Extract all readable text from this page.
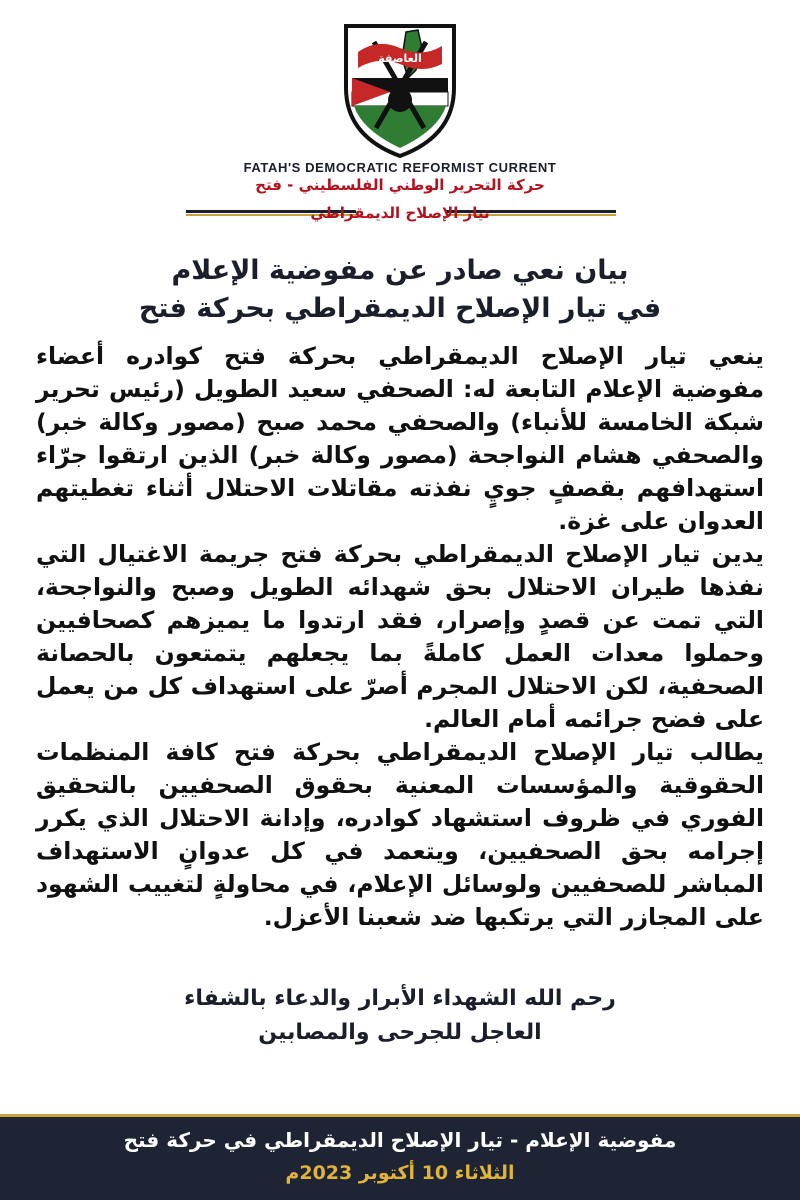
العاصفة
FATAH'S DEMOCRATIC REFORMIST CURRENT
حركة التحرير الوطني الفلسطيني - فتح
تيار الإصلاح الديمقراطي
بيان نعي صادر عن مفوضية الإعلام
في تيار الإصلاح الديمقراطي بحركة فتح

ينعي تيار الإصلاح الديمقراطي بحركة فتح كوادره أعضاء مفوضية الإعلام التابعة له: الصحفي سعيد الطويل (رئيس تحرير شبكة الخامسة للأنباء) والصحفي محمد صبح (مصور وكالة خبر) والصحفي هشام النواجحة (مصور وكالة خبر) الذين ارتقوا جرّاء استهدافهم بقصفٍ جويٍ نفذته مقاتلات الاحتلال أثناء تغطيتهم العدوان على غزة.

يدين تيار الإصلاح الديمقراطي بحركة فتح جريمة الاغتيال التي نفذها طيران الاحتلال بحق شهدائه الطويل وصبح والنواجحة، التي تمت عن قصدٍ وإصرار، فقد ارتدوا ما يميزهم كصحافيين وحملوا معدات العمل كاملةً بما يجعلهم يتمتعون بالحصانة الصحفية، لكن الاحتلال المجرم أصرّ على استهداف كل من يعمل على فضح جرائمه أمام العالم.

يطالب تيار الإصلاح الديمقراطي بحركة فتح كافة المنظمات الحقوقية والمؤسسات المعنية بحقوق الصحفيين بالتحقيق الفوري في ظروف استشهاد كوادره، وإدانة الاحتلال الذي يكرر إجرامه بحق الصحفيين، ويتعمد في كل عدوانٍ الاستهداف المباشر للصحفيين ولوسائل الإعلام، في محاولةٍ لتغييب الشهود على المجازر التي يرتكبها ضد شعبنا الأعزل.

رحم الله الشهداء الأبرار والدعاء بالشفاء
العاجل للجرحى والمصابين
مفوضية الإعلام - تيار الإصلاح الديمقراطي في حركة فتح
الثلاثاء 10 أكتوبر 2023م
